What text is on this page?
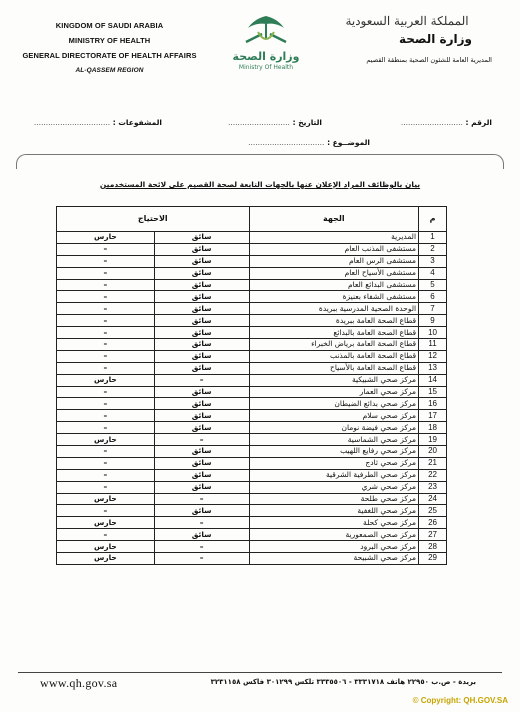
KINGDOM OF SAUDI ARABIA
MINISTRY OF HEALTH
GENERAL DIRECTORATE OF HEALTH AFFAIRS
AL-QASSEM REGION
وزارة الصحة
Ministry Of Health
المملكة العربية السعودية
وزارة الصحة
المديرية العامة للشئون الصحية بمنطقة القصيم
الرقم : ..........................
التاريخ : ..........................
المشفوعات : ................................
الموضــوع : ................................
بيان بالوظائف المراد الإعلان عنها بالجهات التابعة لصحة القصيم على لائحة المستخدمين
م	الجهة	الاحتياج	
1	المديرية	سائق	حارس
2	مستشفى المذنب العام	سائق	–
3	مستشفى الرس العام	سائق	–
4	مستشفى الأسياح العام	سائق	–
5	مستشفى البدائع العام	سائق	–
6	مستشفى الشفاء بعنيزة	سائق	–
7	الوحدة الصحية المدرسية ببريدة	سائق	–
9	قطاع الصحة العامة ببريدة	سائق	–
10	قطاع الصحة العامة بالبدائع	سائق	–
11	قطاع الصحة العامة برياض الخبراء	سائق	–
12	قطاع الصحة العامة بالمذنب	سائق	–
13	قطاع الصحة العامة بالأسياح	سائق	–
14	مركز صحي الشبيكية	–	حارس
15	مركز صحي العمار	سائق	–
16	مركز صحي بدائع الضيطان	سائق	–
17	مركز صحي سلام	سائق	–
18	مركز صحي فيضة نومان	سائق	–
19	مركز صحي الشماسية	–	حارس
20	مركز صحي رفايع اللهيب	سائق	–
21	مركز صحي ثادج	سائق	–
22	مركز صحي الطرفية الشرقية	سائق	–
23	مركز صحي شري	سائق	–
24	مركز صحي طلحة	–	حارس
25	مركز صحي اللغفية	سائق	–
26	مركز صحي كحلة	–	حارس
27	مركز صحي الصمعورية	سائق	–
28	مركز صحي البرود	–	حارس
29	مركز صحي الشبيحة	–	حارس
www.qh.gov.sa	بريدة - ص.ب ٢٢٩٥٠ هاتف ٣٣٣١٧١٨ - ٣٣٣٥٥٠٦ تلكس ٣٠١٢٩٩ فاكس ٣٢٣١١٥٨
© Copyright: QH.GOV.SA
